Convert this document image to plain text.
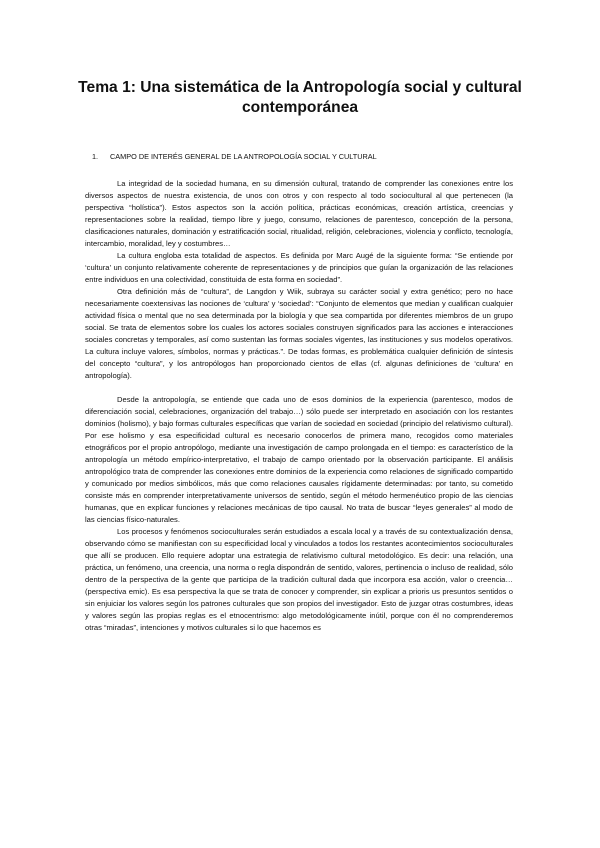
Tema 1: Una sistemática de la Antropología social y cultural
contemporánea
1. CAMPO DE INTERÉS GENERAL DE LA ANTROPOLOGÍA SOCIAL Y CULTURAL

La integridad de la sociedad humana, en su dimensión cultural, tratando de comprender las conexiones entre los diversos aspectos de nuestra existencia, de unos con otros y con respecto al todo sociocultural al que pertenecen (la perspectiva “holística”). Estos aspectos son la acción política, prácticas económicas, creación artística, creencias y representaciones sobre la realidad, tiempo libre y juego, consumo, relaciones de parentesco, concepción de la persona, clasificaciones naturales, dominación y estratificación social, ritualidad, religión, celebraciones, violencia y conflicto, tecnología, intercambio, moralidad, ley y costumbres…

La cultura engloba esta totalidad de aspectos. Es definida por Marc Augé de la siguiente forma: “Se entiende por ‘cultura’ un conjunto relativamente coherente de representaciones y de principios que guían la organización de las relaciones entre individuos en una colectividad, constituida de esta forma en sociedad”.

Otra definición más de “cultura”, de Langdon y Wiik, subraya su carácter social y extra genético; pero no hace necesariamente coextensivas las nociones de ‘cultura’ y ‘sociedad’: “Conjunto de elementos que median y cualifican cualquier actividad física o mental que no sea determinada por la biología y que sea compartida por diferentes miembros de un grupo social. Se trata de elementos sobre los cuales los actores sociales construyen significados para las acciones e interacciones sociales concretas y temporales, así como sustentan las formas sociales vigentes, las instituciones y sus modelos operativos. La cultura incluye valores, símbolos, normas y prácticas.”. De todas formas, es problemática cualquier definición de síntesis del concepto “cultura”, y los antropólogos han proporcionado cientos de ellas (cf. algunas definiciones de ‘cultura’ en antropología).

Desde la antropología, se entiende que cada uno de esos dominios de la experiencia (parentesco, modos de diferenciación social, celebraciones, organización del trabajo…) sólo puede ser interpretado en asociación con los restantes dominios (holismo), y bajo formas culturales específicas que varían de sociedad en sociedad (principio del relativismo cultural). Por ese holismo y esa especificidad cultural es necesario conocerlos de primera mano, recogidos como materiales etnográficos por el propio antropólogo, mediante una investigación de campo prolongada en el tiempo: es característico de la antropología un método empírico-interpretativo, el trabajo de campo orientado por la observación participante. El análisis antropológico trata de comprender las conexiones entre dominios de la experiencia como relaciones de significado compartido y comunicado por medios simbólicos, más que como relaciones causales rígidamente determinadas: por tanto, su cometido consiste más en comprender interpretativamente universos de sentido, según el método hermenéutico propio de las ciencias humanas, que en explicar funciones y relaciones mecánicas de tipo causal. No trata de buscar “leyes generales” al modo de las ciencias físico-naturales.

Los procesos y fenómenos socioculturales serán estudiados a escala local y a través de su contextualización densa, observando cómo se manifiestan con su especificidad local y vinculados a todos los restantes acontecimientos socioculturales que allí se producen. Ello requiere adoptar una estrategia de relativismo cultural metodológico. Es decir: una relación, una práctica, un fenómeno, una creencia, una norma o regla dispondrán de sentido, valores, pertinencia o incluso de realidad, sólo dentro de la perspectiva de la gente que participa de la tradición cultural dada que incorpora esa acción, valor o creencia… (perspectiva emic). Es esa perspectiva la que se trata de conocer y comprender, sin explicar a prioris us presuntos sentidos o sin enjuiciar los valores según los patrones culturales que son propios del investigador. Esto de juzgar otras costumbres, ideas y valores según las propias reglas es el etnocentrismo: algo metodológicamente inútil, porque con él no comprenderemos otras “miradas”, intenciones y motivos culturales si lo que hacemos es
